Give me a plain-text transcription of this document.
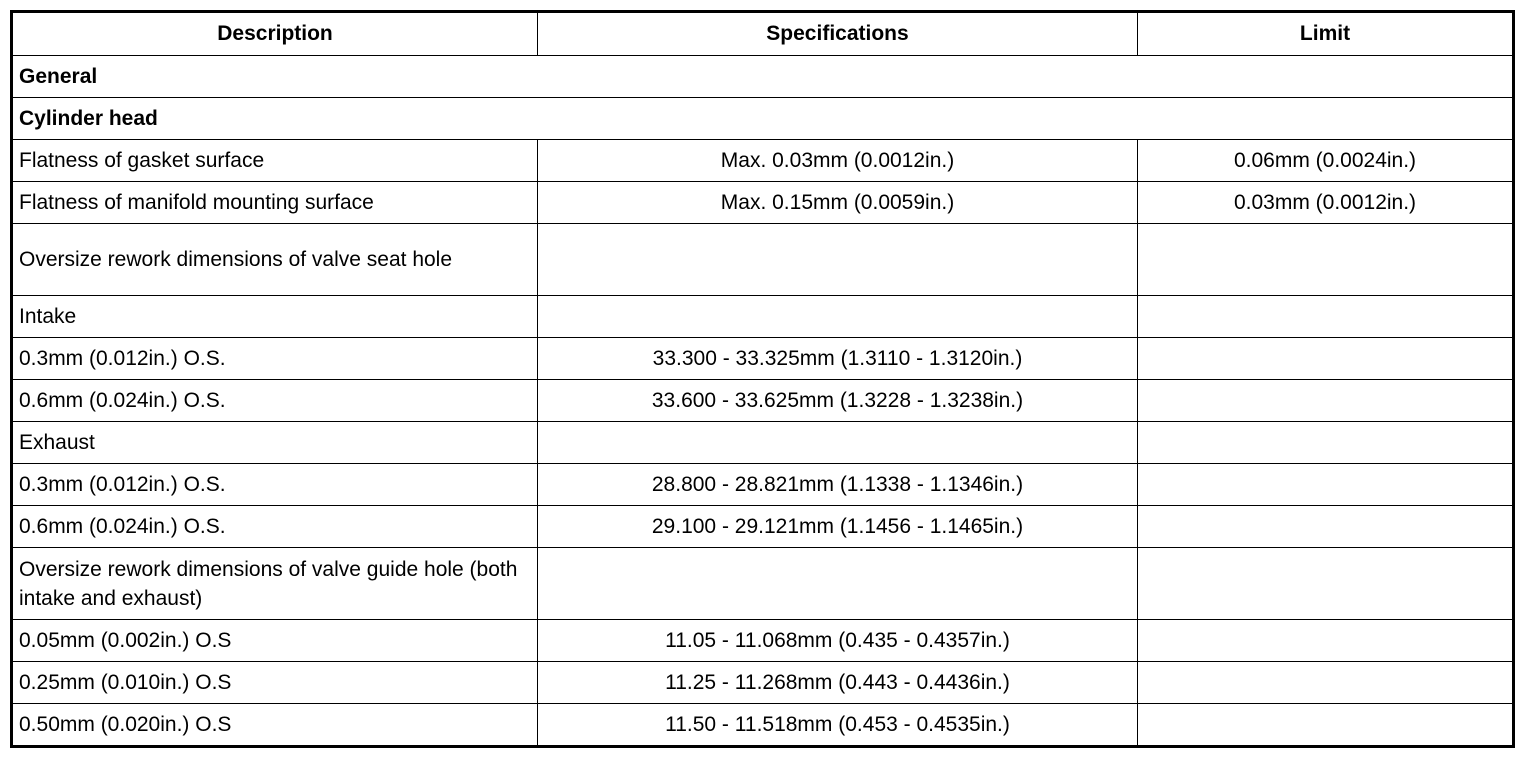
Description	Specifications	Limit
General		
Cylinder head		
Flatness of gasket surface	Max. 0.03mm (0.0012in.)	0.06mm (0.0024in.)
Flatness of manifold mounting surface	Max. 0.15mm (0.0059in.)	0.03mm (0.0012in.)
Oversize rework dimensions of valve seat hole		
Intake		
0.3mm (0.012in.) O.S.	33.300 - 33.325mm (1.3110 - 1.3120in.)	
0.6mm (0.024in.) O.S.	33.600 - 33.625mm (1.3228 - 1.3238in.)	
Exhaust		
0.3mm (0.012in.) O.S.	28.800 - 28.821mm (1.1338 - 1.1346in.)	
0.6mm (0.024in.) O.S.	29.100 - 29.121mm (1.1456 - 1.1465in.)	
Oversize rework dimensions of valve guide hole (both intake and exhaust)		
0.05mm (0.002in.) O.S	11.05 - 11.068mm (0.435 - 0.4357in.)	
0.25mm (0.010in.) O.S	11.25 - 11.268mm (0.443 - 0.4436in.)	
0.50mm (0.020in.) O.S	11.50 - 11.518mm (0.453 - 0.4535in.)	
